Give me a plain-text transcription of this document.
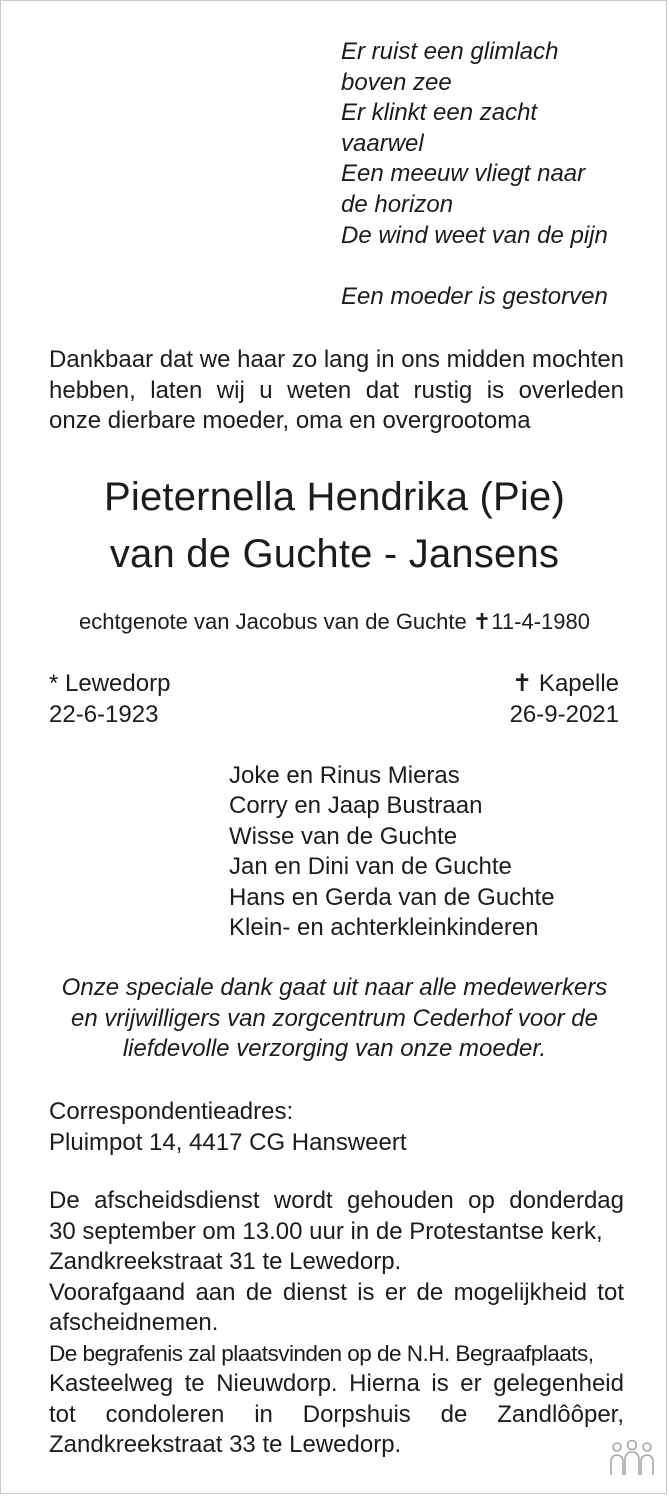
Er ruist een glimlach
boven zee
Er klinkt een zacht
vaarwel
Een meeuw vliegt naar
de horizon
De wind weet van de pijn
Een moeder is gestorven
Dankbaar dat we haar zo lang in ons midden mochten
hebben, laten wij u weten dat rustig is overleden
onze dierbare moeder, oma en overgrootoma
Pieternella Hendrika (Pie)
van de Guchte - Jansens
echtgenote van Jacobus van de Guchte ✝11-4-1980
* Lewedorp
22-6-1923
✝ Kapelle
26-9-2021
Joke en Rinus Mieras
Corry en Jaap Bustraan
Wisse van de Guchte
Jan en Dini van de Guchte
Hans en Gerda van de Guchte
Klein- en achterkleinkinderen
Onze speciale dank gaat uit naar alle medewerkers
en vrijwilligers van zorgcentrum Cederhof voor de
liefdevolle verzorging van onze moeder.
Correspondentieadres:
Pluimpot 14, 4417 CG Hansweert
De afscheidsdienst wordt gehouden op donderdag
30 september om 13.00 uur in de Protestantse kerk,
Zandkreekstraat 31 te Lewedorp.
Voorafgaand aan de dienst is er de mogelijkheid tot
afscheidnemen.
De begrafenis zal plaatsvinden op de N.H. Begraafplaats,
Kasteelweg te Nieuwdorp. Hierna is er gelegenheid
tot condoleren in Dorpshuis de Zandlôôper,
Zandkreekstraat 33 te Lewedorp.
